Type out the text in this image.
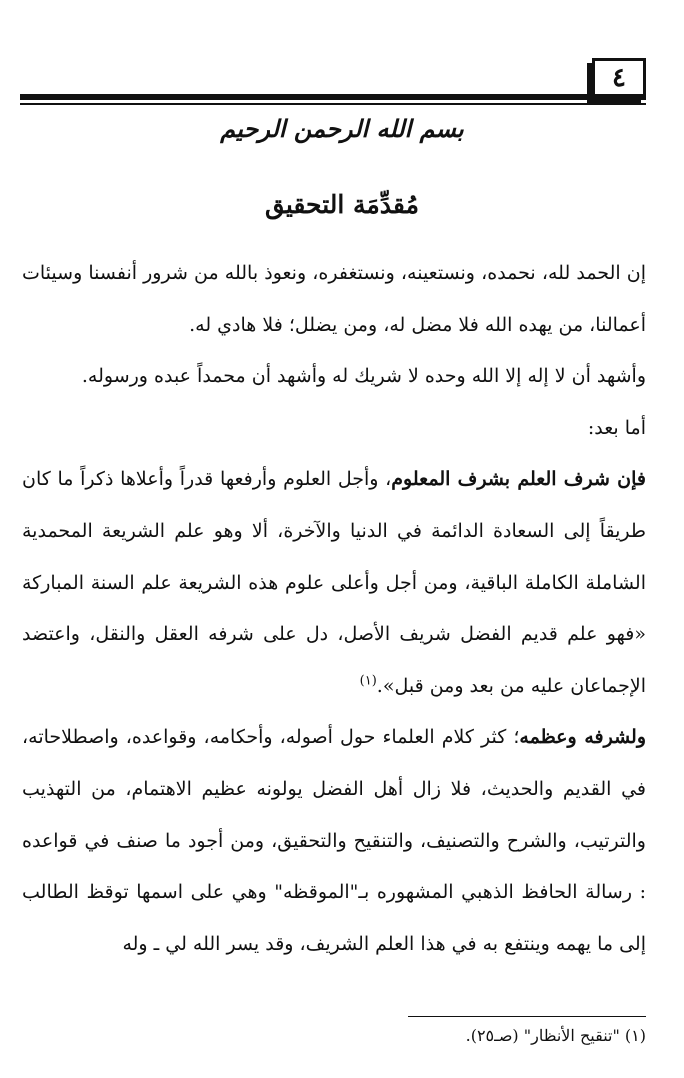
٤
بسم الله الرحمن الرحيم
مُقدِّمَة التحقيق

إن الحمد لله، نحمده، ونستعينه، ونستغفره، ونعوذ بالله من شرور أنفسنا وسيئات أعمالنا، من يهده الله فلا مضل له، ومن يضلل؛ فلا هادي له.

وأشهد أن لا إله إلا الله وحده لا شريك له وأشهد أن محمداً عبده ورسوله.

أما بعد:

فإن شرف العلم بشرف المعلوم، وأجل العلوم وأرفعها قدراً وأعلاها ذكراً ما كان طريقاً إلى السعادة الدائمة في الدنيا والآخرة، ألا وهو علم الشريعة المحمدية الشاملة الكاملة الباقية، ومن أجل وأعلى علوم هذه الشريعة علم السنة المباركة «فهو علم قديم الفضل شريف الأصل، دل على شرفه العقل والنقل، واعتضد الإجماعان عليه من بعد ومن قبل».$^{(١)}$

ولشرفه وعظمه؛ كثر كلام العلماء حول أصوله، وأحكامه، وقواعده، واصطلاحاته، في القديم والحديث، فلا زال أهل الفضل يولونه عظيم الاهتمام، من التهذيب والترتيب، والشرح والتصنيف، والتنقيح والتحقيق، ومن أجود ما صنف في قواعده : رسالة الحافظ الذهبي المشهوره بـ"الموقظه" وهي على اسمها توقظ الطالب إلى ما يهمه وينتفع به في هذا العلم الشريف، وقد يسر الله لي ـ وله

(١) "تنقيح الأنظار" (صـ٢٥).
